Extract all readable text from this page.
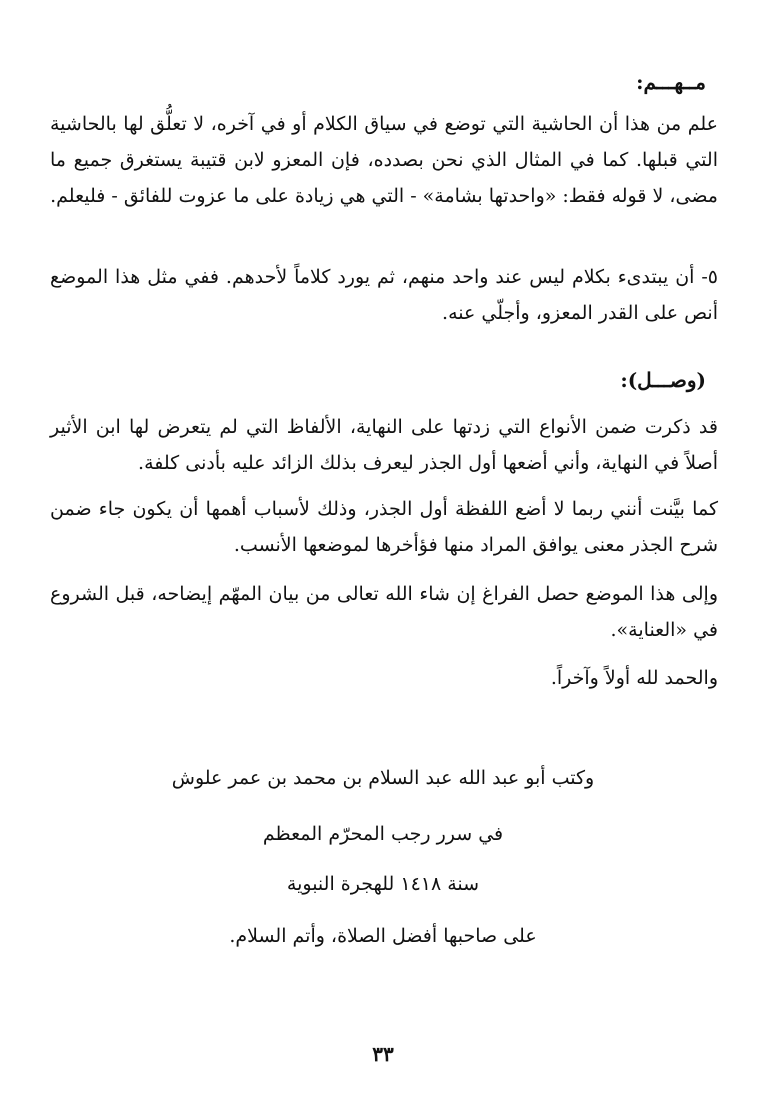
مــهـــم:

علم من هذا أن الحاشية التي توضع في سياق الكلام أو في آخره، لا تعلُّق لها بالحاشية التي قبلها. كما في المثال الذي نحن بصدده، فإن المعزو لابن قتيبة يستغرق جميع ما مضى، لا قوله فقط: «واحدتها بشامة» - التي هي زيادة على ما عزوت للفائق - فليعلم.

٥- أن يبتدىء بكلام ليس عند واحد منهم، ثم يورد كلاماً لأحدهم. ففي مثل هذا الموضع أنص على القدر المعزو، وأجلّي عنه.

(وصـــل):

قد ذكرت ضمن الأنواع التي زدتها على النهاية، الألفاظ التي لم يتعرض لها ابن الأثير أصلاً في النهاية، وأني أضعها أول الجذر ليعرف بذلك الزائد عليه بأدنى كلفة.

كما بيَّنت أنني ربما لا أضع اللفظة أول الجذر، وذلك لأسباب أهمها أن يكون جاء ضمن شرح الجذر معنى يوافق المراد منها فؤأخرها لموضعها الأنسب.

وإلى هذا الموضع حصل الفراغ إن شاء الله تعالى من بيان المهّم إيضاحه، قبل الشروع في «العناية».

والحمد لله أولاً وآخراً.

وكتب أبو عبد الله عبد السلام بن محمد بن عمر علوش
في سرر رجب المحرّم المعظم
سنة ١٤١٨ للهجرة النبوية
على صاحبها أفضل الصلاة، وأتم السلام.
٣٣
